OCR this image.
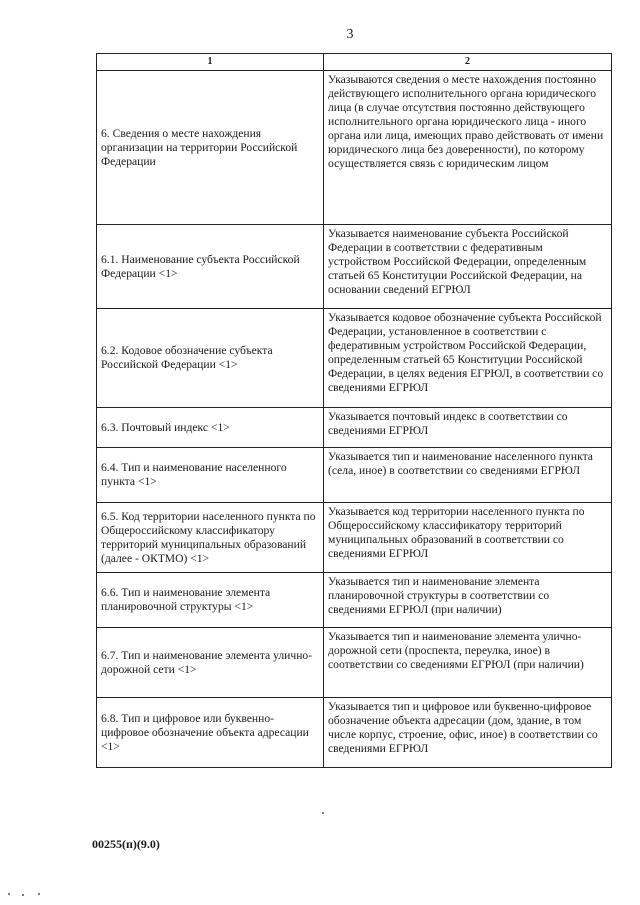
3
1	2
6. Сведения о месте нахождения организации на территории Российской Федерации	Указываются сведения о месте нахождения постоянно действующего исполнительного органа юридического лица (в случае отсутствия постоянно действующего исполнительного органа юридического лица - иного органа или лица, имеющих право действовать от имени юридического лица без доверенности), по которому осуществляется связь с юридическим лицом
6.1. Наименование субъекта Российской Федерации <1>	Указывается наименование субъекта Российской Федерации в соответствии с федеративным устройством Российской Федерации, определенным статьей 65 Конституции Российской Федерации, на основании сведений ЕГРЮЛ
6.2. Кодовое обозначение субъекта Российской Федерации <1>	Указывается кодовое обозначение субъекта Российской Федерации, установленное в соответствии с федеративным устройством Российской Федерации, определенным статьей 65 Конституции Российской Федерации, в целях ведения ЕГРЮЛ, в соответствии со сведениями ЕГРЮЛ
6.3. Почтовый индекс <1>	Указывается почтовый индекс в соответствии со сведениями ЕГРЮЛ
6.4. Тип и наименование населенного пункта <1>	Указывается тип и наименование населенного пункта (села, иное) в соответствии со сведениями ЕГРЮЛ
6.5. Код территории населенного пункта по Общероссийскому классификатору территорий муниципальных образований (далее - ОКТМО) <1>	Указывается код территории населенного пункта по Общероссийскому классификатору территорий муниципальных образований в соответствии со сведениями ЕГРЮЛ
6.6. Тип и наименование элемента планировочной структуры <1>	Указывается тип и наименование элемента планировочной структуры в соответствии со сведениями ЕГРЮЛ (при наличии)
6.7. Тип и наименование элемента улично-дорожной сети <1>	Указывается тип и наименование элемента улично-дорожной сети (проспекта, переулка, иное) в соответствии со сведениями ЕГРЮЛ (при наличии)
6.8. Тип и цифровое или буквенно-цифровое обозначение объекта адресации <1>	Указывается тип и цифровое или буквенно-цифровое обозначение объекта адресации (дом, здание, в том числе корпус, строение, офис, иное) в соответствии со сведениями ЕГРЮЛ
00255(п)(9.0)
